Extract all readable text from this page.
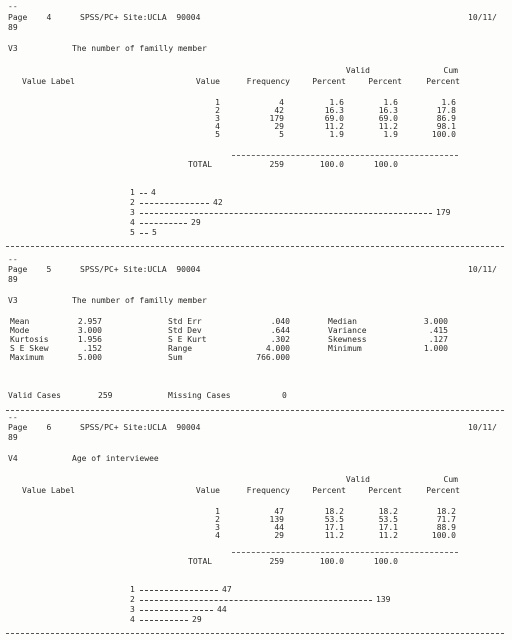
--
Page    4	SPSS/PC+ Site:UCLA  90004	10/11/
89
V3	The number of familly member
Valid	Cum
Value Label	Value	Frequency	Percent	Percent	Percent
1	4	1.6	1.6	1.6
2	42	16.3	16.3	17.8
3	179	69.0	69.0	86.9
4	29	11.2	11.2	98.1
5	5	1.9	1.9	100.0
TOTAL	259	100.0	100.0
1 4
2	42
3	179
4	29
5 5
--
Page    5	SPSS/PC+ Site:UCLA  90004	10/11/
89
V3	The number of familly member
Mean	2.957	Std Err	.040	Median	3.000
Mode	3.000	Std Dev	.644	Variance	.415
Kurtosis	1.956	S E Kurt	.302	Skewness	.127
S E Skew	.152	Range	4.000	Minimum	1.000
Maximum	5.000	Sum	766.000
Valid Cases	259	Missing Cases	0
--
Page    6	SPSS/PC+ Site:UCLA  90004	10/11/
89
V4	Age of interviewee
Valid	Cum
Value Label	Value	Frequency	Percent	Percent	Percent
1	47	18.2	18.2	18.2
2	139	53.5	53.5	71.7
3	44	17.1	17.1	88.9
4	29	11.2	11.2	100.0
TOTAL	259	100.0	100.0
1	47
2	139
3	44
4	29
